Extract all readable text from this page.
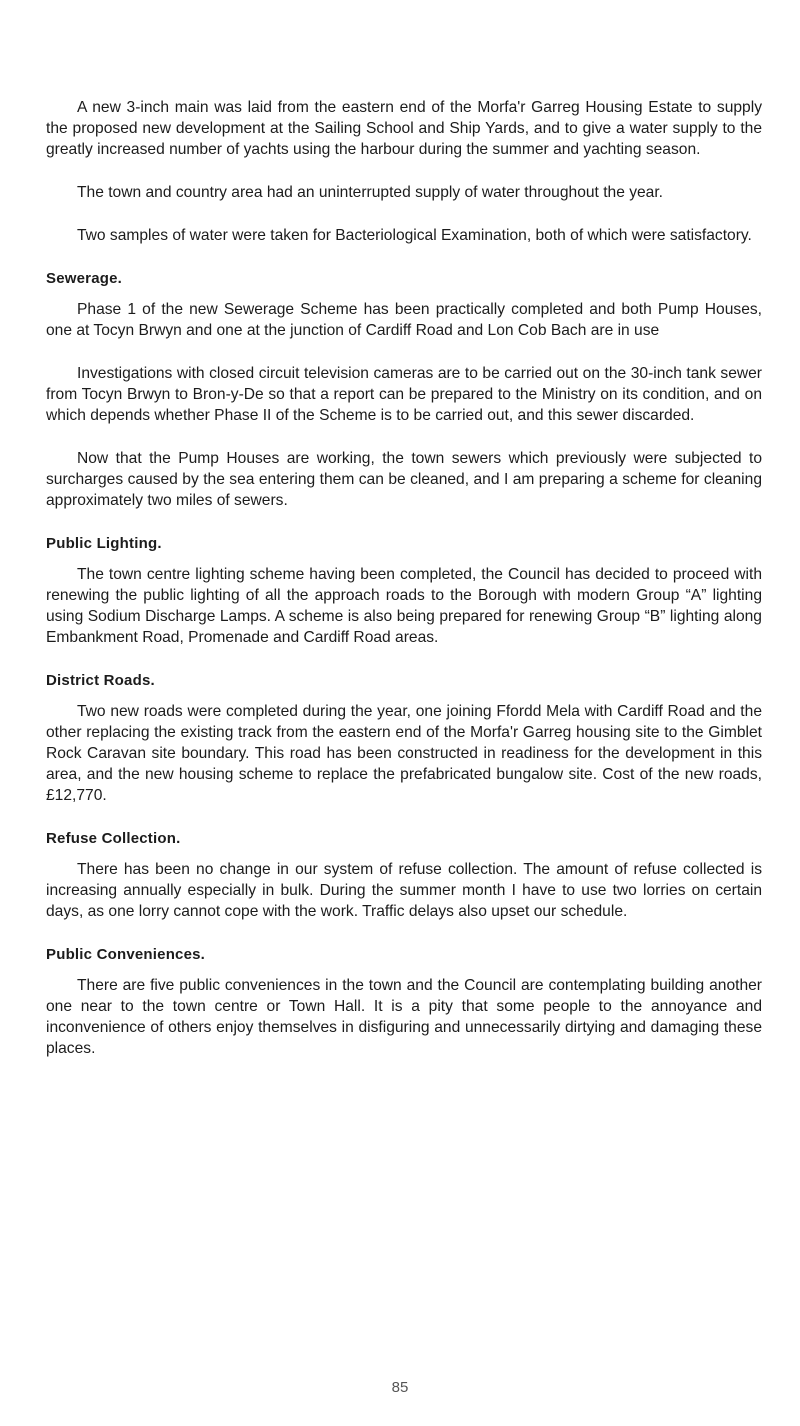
A new 3-inch main was laid from the eastern end of the Morfa'r Garreg Housing Estate to supply the proposed new development at the Sailing School and Ship Yards, and to give a water supply to the greatly increased number of yachts using the harbour during the summer and yachting season.

The town and country area had an uninterrupted supply of water throughout the year.

Two samples of water were taken for Bacteriological Examination, both of which were satisfactory.

Sewerage.

Phase 1 of the new Sewerage Scheme has been practically completed and both Pump Houses, one at Tocyn Brwyn and one at the junction of Cardiff Road and Lon Cob Bach are in use

Investigations with closed circuit television cameras are to be carried out on the 30-inch tank sewer from Tocyn Brwyn to Bron-y-De so that a report can be prepared to the Ministry on its condition, and on which depends whether Phase II of the Scheme is to be carried out, and this sewer discarded.

Now that the Pump Houses are working, the town sewers which previously were subjected to surcharges caused by the sea entering them can be cleaned, and I am preparing a scheme for cleaning approximately two miles of sewers.

Public Lighting.

The town centre lighting scheme having been completed, the Council has decided to proceed with renewing the public lighting of all the approach roads to the Borough with modern Group “A” lighting using Sodium Discharge Lamps. A scheme is also being prepared for renewing Group “B” lighting along Embankment Road, Promenade and Cardiff Road areas.

District Roads.

Two new roads were completed during the year, one joining Ffordd Mela with Cardiff Road and the other replacing the existing track from the eastern end of the Morfa'r Garreg housing site to the Gimblet Rock Caravan site boundary. This road has been constructed in readiness for the development in this area, and the new housing scheme to replace the prefabricated bungalow site. Cost of the new roads, £12,770.

Refuse Collection.

There has been no change in our system of refuse collection. The amount of refuse collected is increasing annually especially in bulk. During the summer month I have to use two lorries on certain days, as one lorry cannot cope with the work. Traffic delays also upset our schedule.

Public Conveniences.

There are five public conveniences in the town and the Council are contemplating building another one near to the town centre or Town Hall. It is a pity that some people to the annoyance and inconvenience of others enjoy themselves in disfiguring and unnecessarily dirtying and damaging these places.

85
